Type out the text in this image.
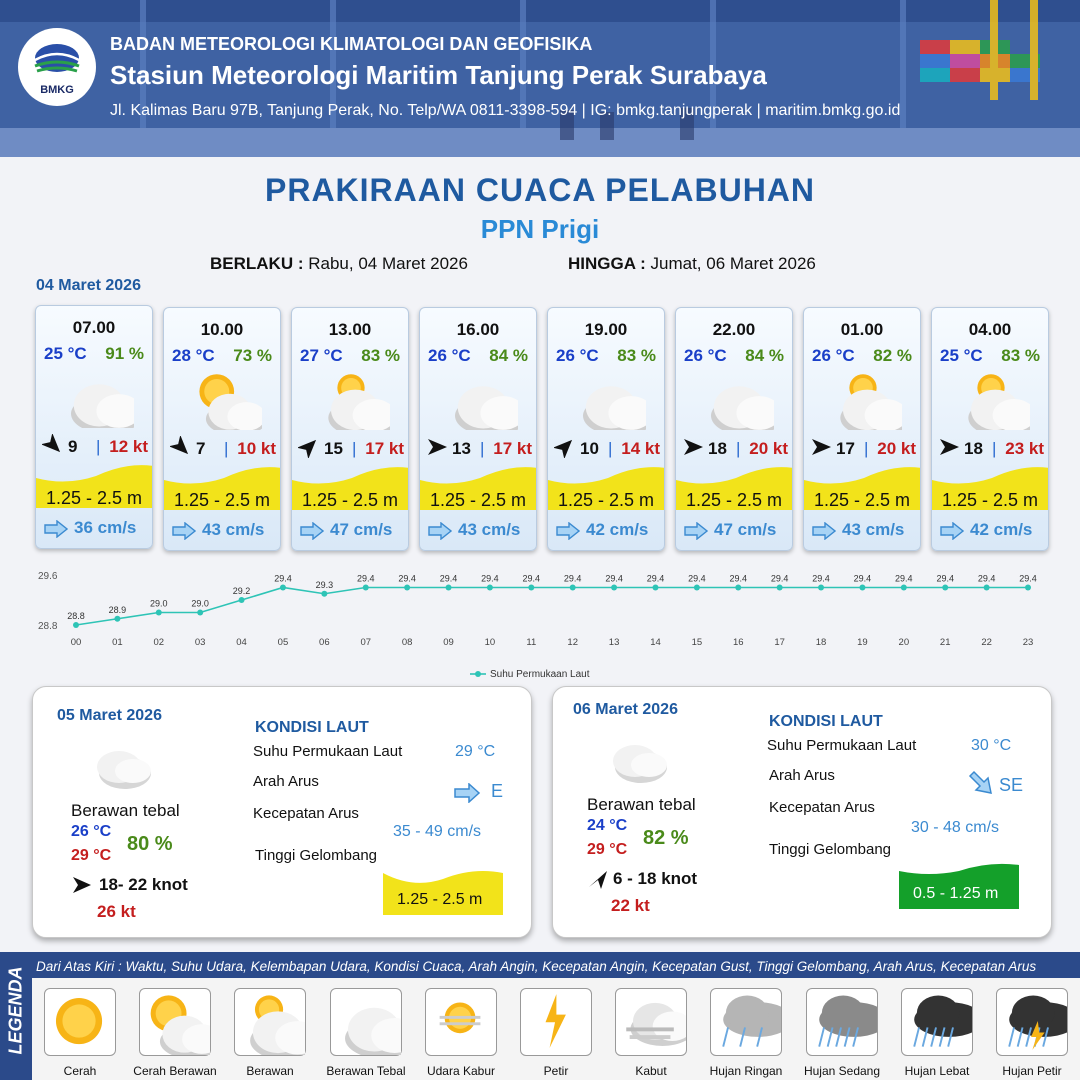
BMKG
BADAN METEOROLOGI KLIMATOLOGI DAN GEOFISIKA
Stasiun Meteorologi Maritim Tanjung Perak Surabaya
Jl. Kalimas Baru 97B, Tanjung Perak, No. Telp/WA 0811-3398-594 | IG: bmkg.tanjungperak | maritim.bmkg.go.id
PRAKIRAAN CUACA PELABUHAN
PPN Prigi
BERLAKU : Rabu, 04 Maret 2026	HINGGA : Jumat, 06 Maret 2026
04 Maret 2026
07.00
25 °C 91 %
9 | 12 kt
1.25 - 2.5 m
36 cm/s
10.00
28 °C 73 %
7 | 10 kt
1.25 - 2.5 m
43 cm/s
13.00
27 °C 83 %
15 | 17 kt
1.25 - 2.5 m
47 cm/s
16.00
26 °C 84 %
13 | 17 kt
1.25 - 2.5 m
43 cm/s
19.00
26 °C 83 %
10 | 14 kt
1.25 - 2.5 m
42 cm/s
22.00
26 °C 84 %
18 | 20 kt
1.25 - 2.5 m
47 cm/s
01.00
26 °C 82 %
17 | 20 kt
1.25 - 2.5 m
43 cm/s
04.00
25 °C 83 %
18 | 23 kt
1.25 - 2.5 m
42 cm/s
29.6
28.8
28.8
00
28.9
01
29.0
02
29.0
03
29.2
04
29.4
05
29.3
06
29.4
07
29.4
08
29.4
09
29.4
10
29.4
11
29.4
12
29.4
13
29.4
14
29.4
15
29.4
16
29.4
17
29.4
18
29.4
19
29.4
20
29.4
21
29.4
22
29.4
23
Suhu Permukaan Laut
05 Maret 2026
Berawan tebal
26 °C
29 °C
80 %
18- 22 knot
26 kt
KONDISI LAUT
Suhu Permukaan Laut	29 °C
Arah Arus	E
Kecepatan Arus
35 - 49 cm/s
Tinggi Gelombang
1.25 - 2.5 m
06 Maret 2026
Berawan tebal
24 °C
29 °C
82 %
6 - 18 knot
22 kt
KONDISI LAUT
Suhu Permukaan Laut	30 °C
Arah Arus	SE
Kecepatan Arus
30 - 48 cm/s
Tinggi Gelombang
0.5 - 1.25 m
LEGENDA Dari Atas Kiri : Waktu, Suhu Udara, Kelembapan Udara, Kondisi Cuaca, Arah Angin, Kecepatan Angin, Kecepatan Gust, Tinggi Gelombang, Arah Arus, Kecepatan Arus
Cerah	Cerah Berawan	Berawan	Berawan Tebal	Udara Kabur	Petir	Kabut	Hujan Ringan	Hujan Sedang	Hujan Lebat	Hujan Petir
